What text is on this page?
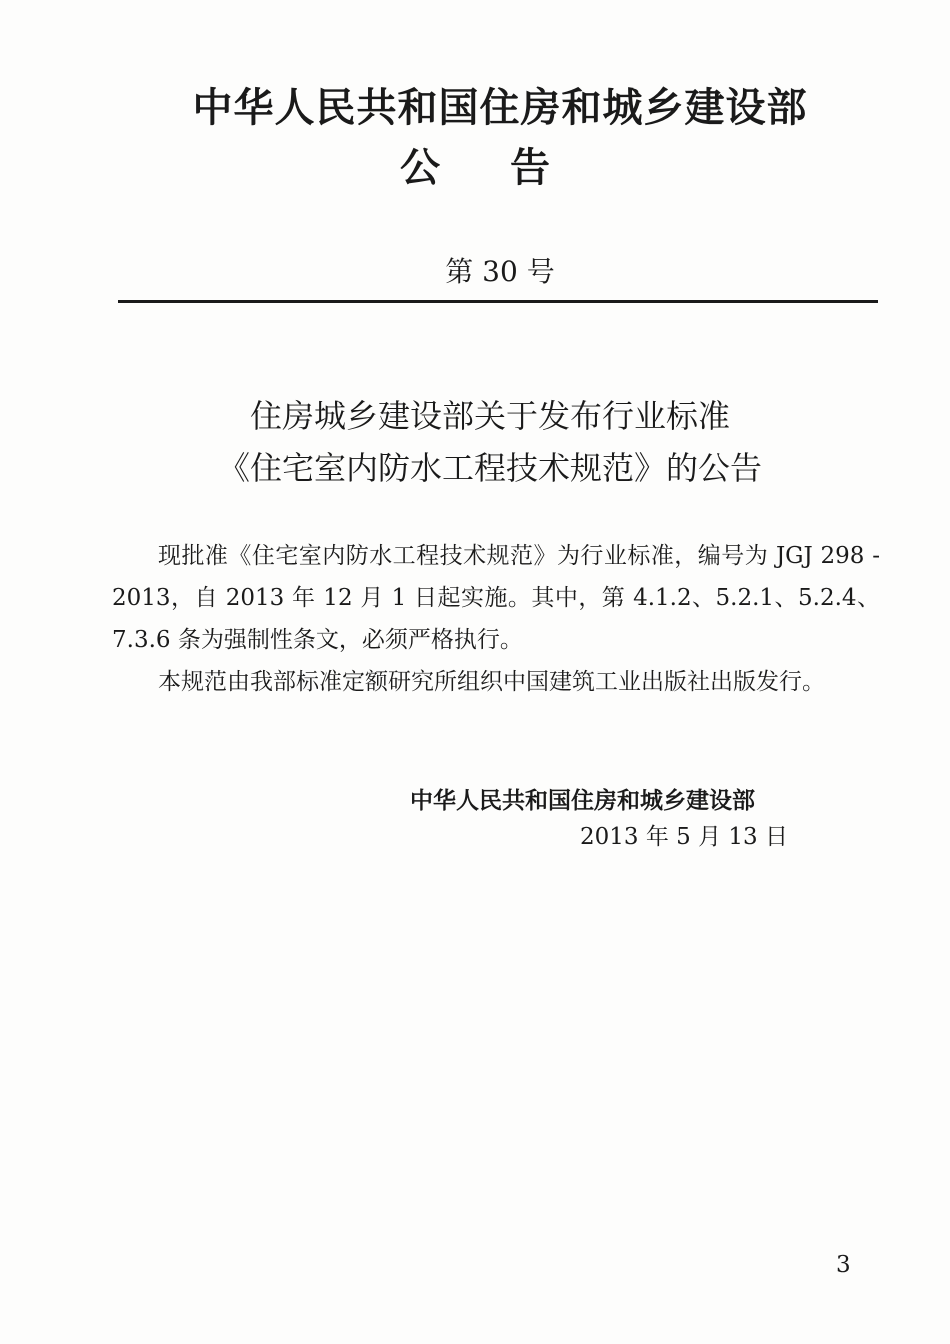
中华人民共和国住房和城乡建设部
公告
第 30 号
住房城乡建设部关于发布行业标准
《住宅室内防水工程技术规范》的公告

现批准《住宅室内防水工程技术规范》为行业标准，编号为 JGJ 298 - 2013，自 2013 年 12 月 1 日起实施。其中，第 4.1.2、5.2.1、5.2.4、7.3.6 条为强制性条文，必须严格执行。

本规范由我部标准定额研究所组织中国建筑工业出版社出版发行。

中华人民共和国住房和城乡建设部
2013 年 5 月 13 日
3
